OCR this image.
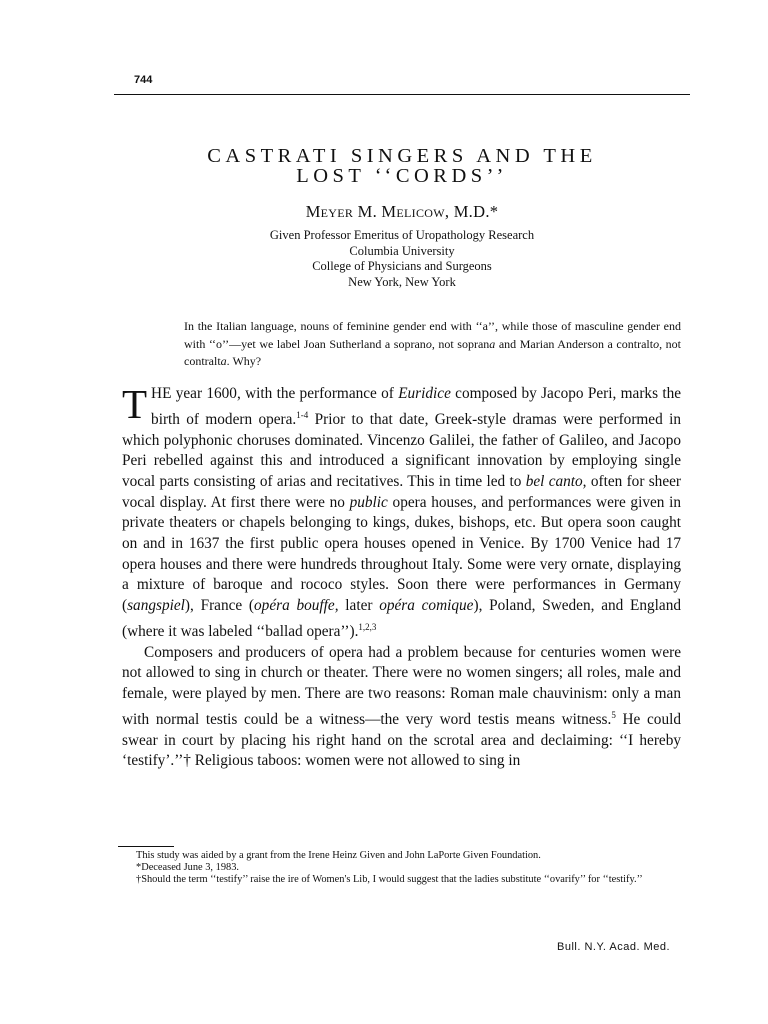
744
CASTRATI SINGERS AND THE
LOST ‘‘CORDS’’
Meyer M. Melicow, M.D.*
Given Professor Emeritus of Uropathology Research
Columbia University
College of Physicians and Surgeons
New York, New York
In the Italian language, nouns of feminine gender end with ‘‘a’’, while those of masculine gender end with ‘‘o’’—yet we label Joan Sutherland a soprano, not soprana and Marian Anderson a contralto, not contralta. Why?

THE year 1600, with the performance of Euridice composed by Jacopo Peri, marks the birth of modern opera.$^{1-4}$ Prior to that date, Greek-style dramas were performed in which polyphonic choruses dominated. Vincenzo Galilei, the father of Galileo, and Jacopo Peri rebelled against this and introduced a significant innovation by employing single vocal parts consisting of arias and recitatives. This in time led to bel canto, often for sheer vocal display. At first there were no public opera houses, and performances were given in private theaters or chapels belonging to kings, dukes, bishops, etc. But opera soon caught on and in 1637 the first public opera houses opened in Venice. By 1700 Venice had 17 opera houses and there were hundreds throughout Italy. Some were very ornate, displaying a mixture of baroque and rococo styles. Soon there were performances in Germany (sangspiel), France (opéra bouffe, later opéra comique), Poland, Sweden, and England (where it was labeled ‘‘ballad opera’’).$^{1,2,3}$

Composers and producers of opera had a problem because for centuries women were not allowed to sing in church or theater. There were no women singers; all roles, male and female, were played by men. There are two reasons: Roman male chauvinism: only a man with normal testis could be a witness—the very word testis means witness.$^5$ He could swear in court by placing his right hand on the scrotal area and declaiming: ‘‘I hereby ‘testify’.’’† Religious taboos: women were not allowed to sing in

This study was aided by a grant from the Irene Heinz Given and John LaPorte Given Foundation.
*Deceased June 3, 1983.
†Should the term ‘‘testify’’ raise the ire of Women's Lib, I would suggest that the ladies substitute ‘‘ovarify’’ for ‘‘testify.’’
Bull. N.Y. Acad. Med.
